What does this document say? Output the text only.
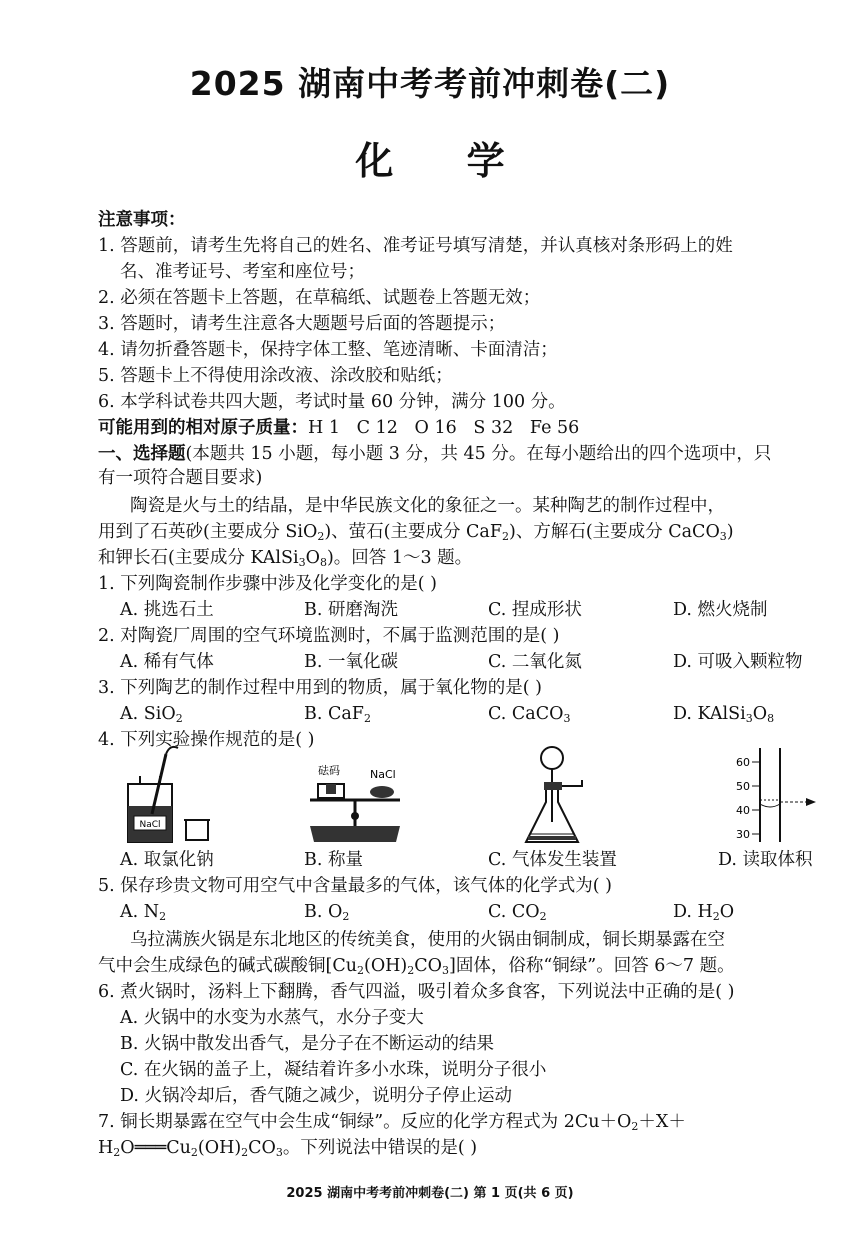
2025 湖南中考考前冲刺卷(二)
化 学
注意事项：
1. 答题前，请考生先将自己的姓名、准考证号填写清楚，并认真核对条形码上的姓
名、准考证号、考室和座位号；
2. 必须在答题卡上答题，在草稿纸、试题卷上答题无效；
3. 答题时，请考生注意各大题题号后面的答题提示；
4. 请勿折叠答题卡，保持字体工整、笔迹清晰、卡面清洁；
5. 答题卡上不得使用涂改液、涂改胶和贴纸；
6. 本学科试卷共四大题，考试时量 60 分钟，满分 100 分。
可能用到的相对原子质量：H 1   C 12   O 16   S 32   Fe 56
一、选择题(本题共 15 小题，每小题 3 分，共 45 分。在每小题给出的四个选项中，只
有一项符合题目要求)
陶瓷是火与土的结晶，是中华民族文化的象征之一。某种陶艺的制作过程中，
用到了石英砂(主要成分 SiO$_2$)、萤石(主要成分 CaF$_2$)、方解石(主要成分 CaCO$_3$)
和钾长石(主要成分 $KAlSi_3O_8$)。回答 1～3 题。
1. 下列陶瓷制作步骤中涉及化学变化的是( )
A. 挑选石土	B. 研磨淘洗	C. 捏成形状	D. 燃火烧制
2. 对陶瓷厂周围的空气环境监测时，不属于监测范围的是( )
A. 稀有气体	B. 一氧化碳	C. 二氧化氮	D. 可吸入颗粒物
3. 下列陶艺的制作过程中用到的物质，属于氧化物的是( )
A. SiO$_2$	B. CaF$_2$	C. CaCO$_3$	D. $KAlSi_3O_8$
4. 下列实验操作规范的是( )
NaCl
砝码	NaCl
60
50
40
30
A. 取氯化钠	B. 称量	C. 气体发生装置	D. 读取体积
5. 保存珍贵文物可用空气中含量最多的气体，该气体的化学式为( )
A. $N_2$	B. $O_2$	C. $CO_2$	D. $H_2O$
乌拉满族火锅是东北地区的传统美食，使用的火锅由铜制成，铜长期暴露在空
气中会生成绿色的碱式碳酸铜$[Cu_2(OH)_2CO_3]$固体，俗称“铜绿”。回答 6～7 题。
6. 煮火锅时，汤料上下翻腾，香气四溢，吸引着众多食客，下列说法中正确的是( )
A. 火锅中的水变为水蒸气，水分子变大
B. 火锅中散发出香气，是分子在不断运动的结果
C. 在火锅的盖子上，凝结着许多小水珠，说明分子很小
D. 火锅冷却后，香气随之减少，说明分子停止运动
7. 铜长期暴露在空气中会生成“铜绿”。反应的化学方程式为 $2Cu+O_2+X+$
$H_2O═══Cu_2(OH)_2CO_3$。下列说法中错误的是( )
2025 湖南中考考前冲刺卷(二) 第 1 页(共 6 页)
